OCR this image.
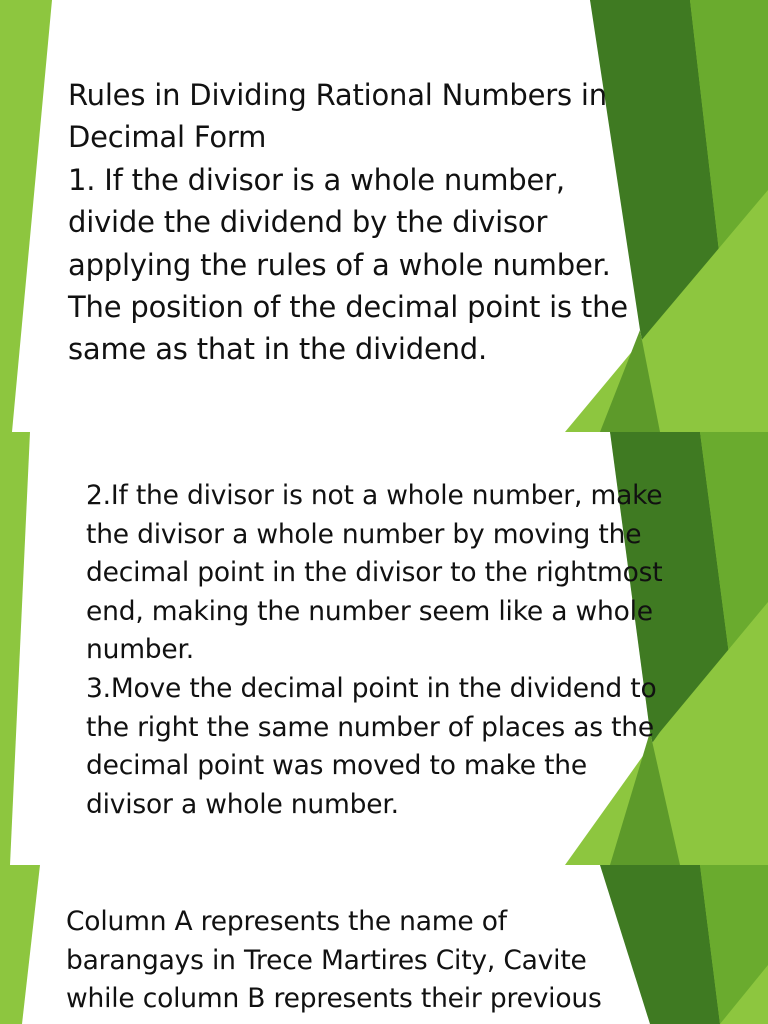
Rules in Dividing Rational Numbers in
Decimal Form
1. If the divisor is a whole number,
divide the dividend by the divisor
applying the rules of a whole number.
The position of the decimal point is the
same as that in the dividend.

2.If the divisor is not a whole number, make
the divisor a whole number by moving the
decimal point in the divisor to the rightmost
end, making the number seem like a whole
number.
3.Move the decimal point in the dividend to
the right the same number of places as the
decimal point was moved to make the
divisor a whole number.

Column A represents the name of
barangays in Trece Martires City, Cavite
while column B represents their previous
